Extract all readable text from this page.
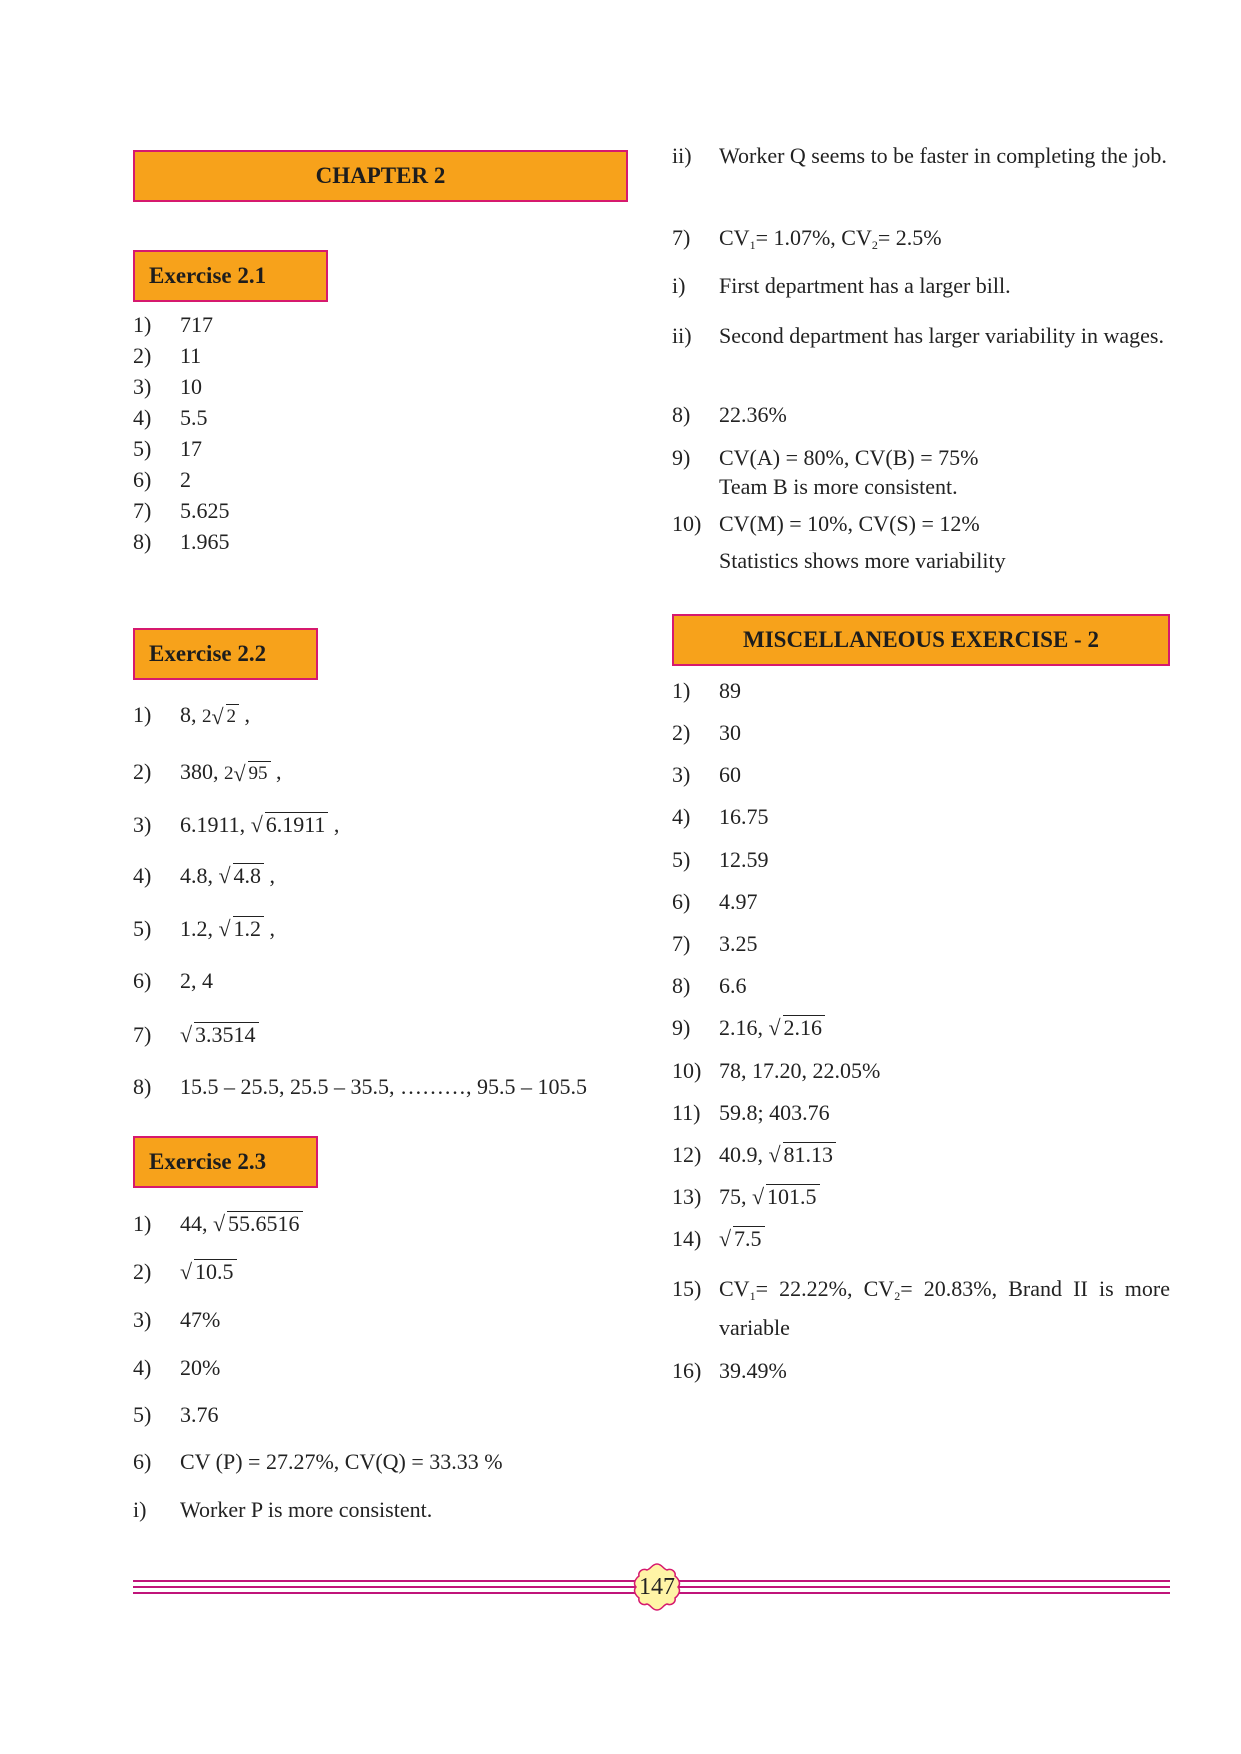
CHAPTER 2
Exercise 2.1
1)	717
2)	11
3)	10
4)	5.5
5)	17
6)	2
7)	5.625
8)	1.965
Exercise 2.2
1)	8, 2 √ 2 ,
2)	380, 2 √ 95 ,
3)	6.1911, √ 6.1911 ,
4)	4.8, √ 4.8 ,
5)	1.2, √ 1.2 ,
6)	2, 4
7)	√ 3.3514
8)	15.5 – 25.5, 25.5 – 35.5, ………, 95.5 – 105.5
Exercise 2.3
1)	44, √ 55.6516
2)	√ 10.5
3)	47%
4)	20%
5)	3.76
6)	CV (P) = 27.27%, CV(Q) = 33.33 %
i)	Worker P is more consistent.
ii)	Worker Q seems to be faster in completing the job.
7)	$CV_1= 1.07\%$, $CV_2= 2.5\%$
i)	First department has a larger bill.
ii)	Second department has larger variability in wages.
8)	22.36%
9)	CV(A) = 80%, CV(B) = 75%
Team B is more consistent.
10) CV(M) = 10%, CV(S) = 12%
Statistics shows more variability
MISCELLANEOUS EXERCISE - 2
1)	89
2)	30
3)	60
4)	16.75
5)	12.59
6)	4.97
7)	3.25
8)	6.6
9)	2.16, √ 2.16
10) 78, 17.20, 22.05%
11) 59.8; 403.76
12) 40.9, √ 81.13
13) 75, √ 101.5
14)	√ 7.5
15) $CV_1= 22.22\%$, $CV_2= 20.83\%$, Brand II is more variable
16) 39.49%
147
